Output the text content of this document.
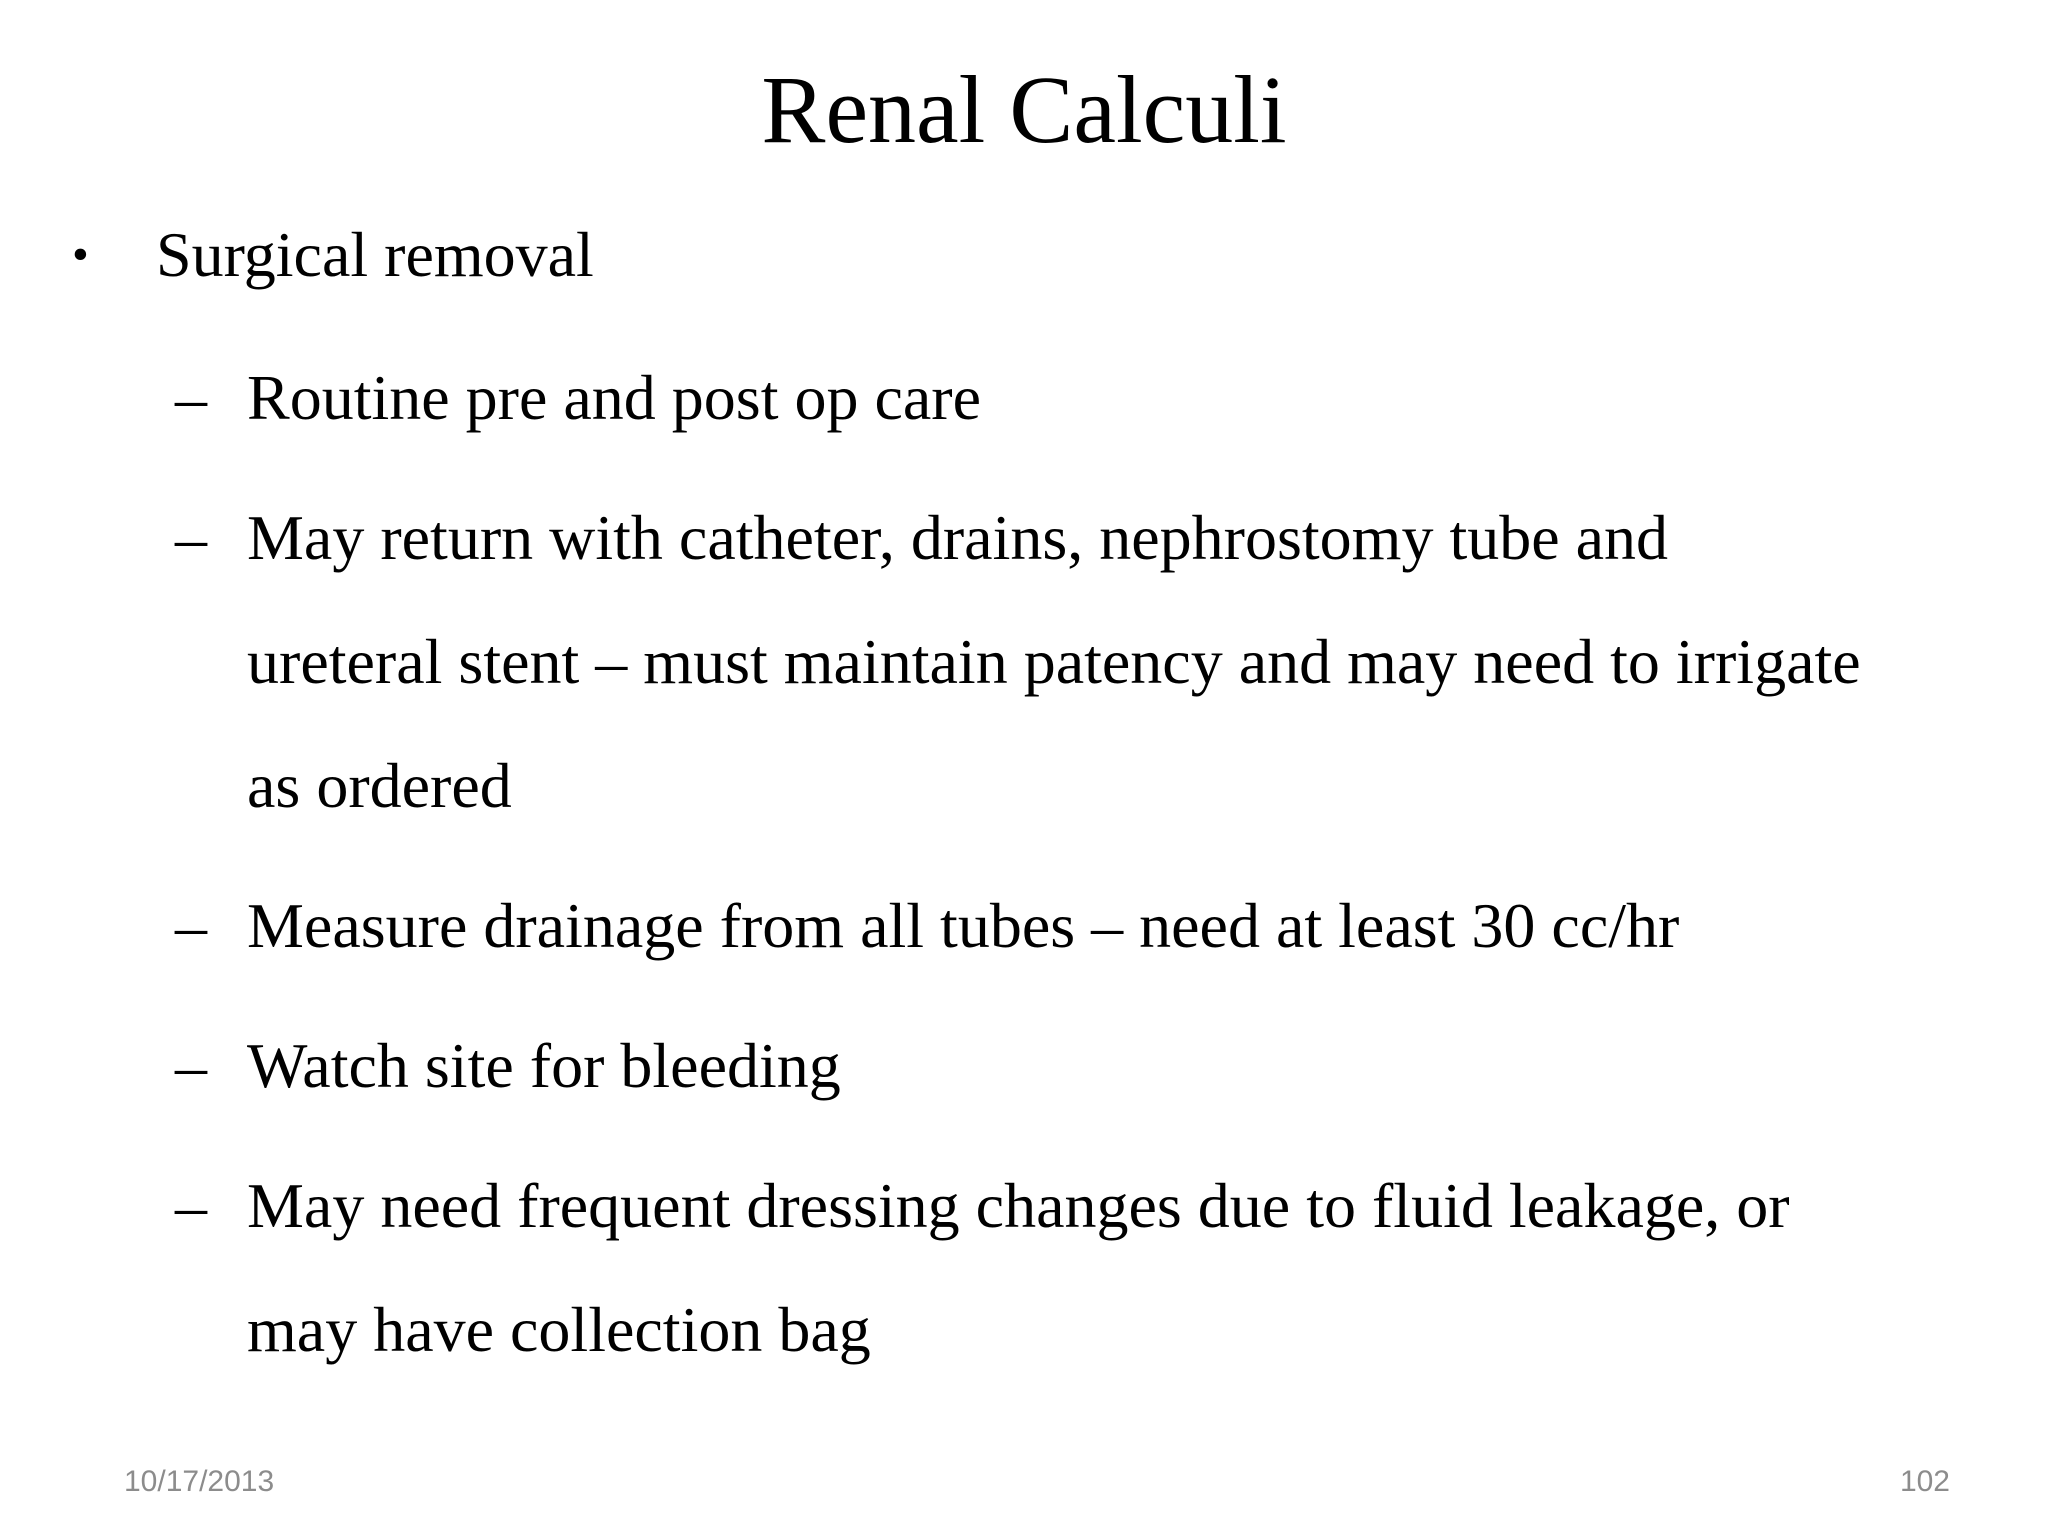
Renal Calculi
•	Surgical removal
– Routine pre and post op care
– May return with catheter, drains, nephrostomy tube and ureteral stent – must maintain patency and may need to irrigate as ordered
– Measure drainage from all tubes – need at least 30 cc/hr
– Watch site for bleeding
– May need frequent dressing changes due to fluid leakage, or may have collection bag
10/17/2013	102
